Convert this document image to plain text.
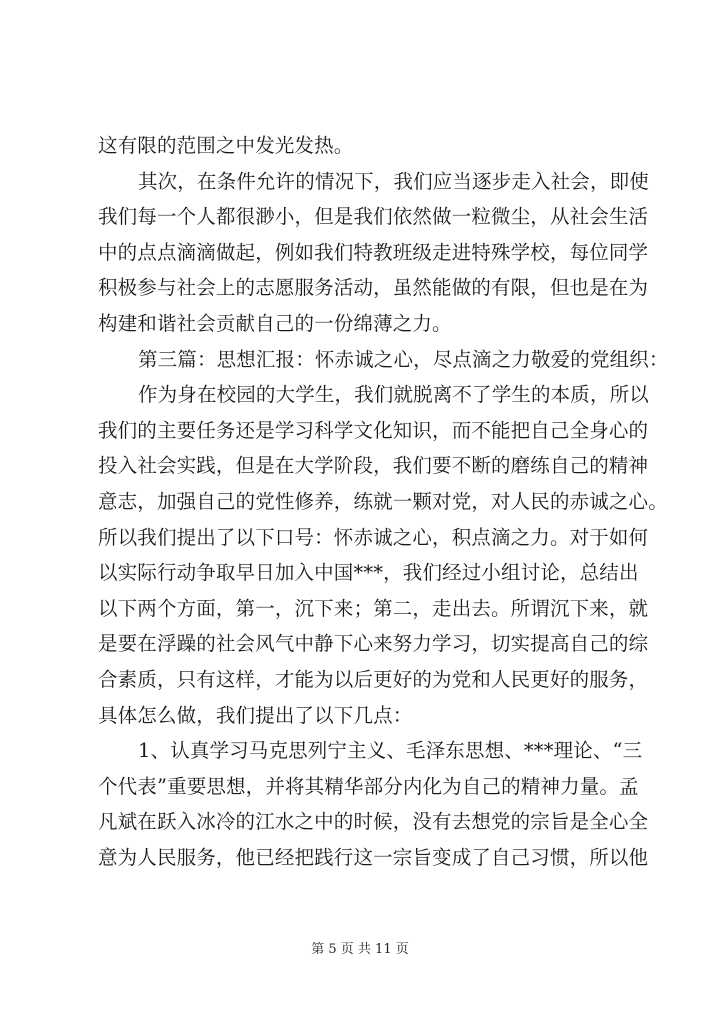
这有限的范围之中发光发热。
其次，在条件允许的情况下，我们应当逐步走入社会，即使
我们每一个人都很渺小，但是我们依然做一粒微尘，从社会生活
中的点点滴滴做起，例如我们特教班级走进特殊学校，每位同学
积极参与社会上的志愿服务活动，虽然能做的有限，但也是在为
构建和谐社会贡献自己的一份绵薄之力。
第三篇：思想汇报：怀赤诚之心，尽点滴之力敬爱的党组织：
作为身在校园的大学生，我们就脱离不了学生的本质，所以
我们的主要任务还是学习科学文化知识，而不能把自己全身心的
投入社会实践，但是在大学阶段，我们要不断的磨练自己的精神
意志，加强自己的党性修养，练就一颗对党，对人民的赤诚之心。
所以我们提出了以下口号：怀赤诚之心，积点滴之力。对于如何
以实际行动争取早日加入中国***，我们经过小组讨论，总结出
以下两个方面，第一，沉下来；第二，走出去。所谓沉下来，就
是要在浮躁的社会风气中静下心来努力学习，切实提高自己的综
合素质，只有这样，才能为以后更好的为党和人民更好的服务，
具体怎么做，我们提出了以下几点：
1、认真学习马克思列宁主义、毛泽东思想、***理论、“三
个代表”重要思想，并将其精华部分内化为自己的精神力量。孟
凡斌在跃入冰冷的江水之中的时候，没有去想党的宗旨是全心全
意为人民服务，他已经把践行这一宗旨变成了自己习惯，所以他
第 5 页 共 11 页
